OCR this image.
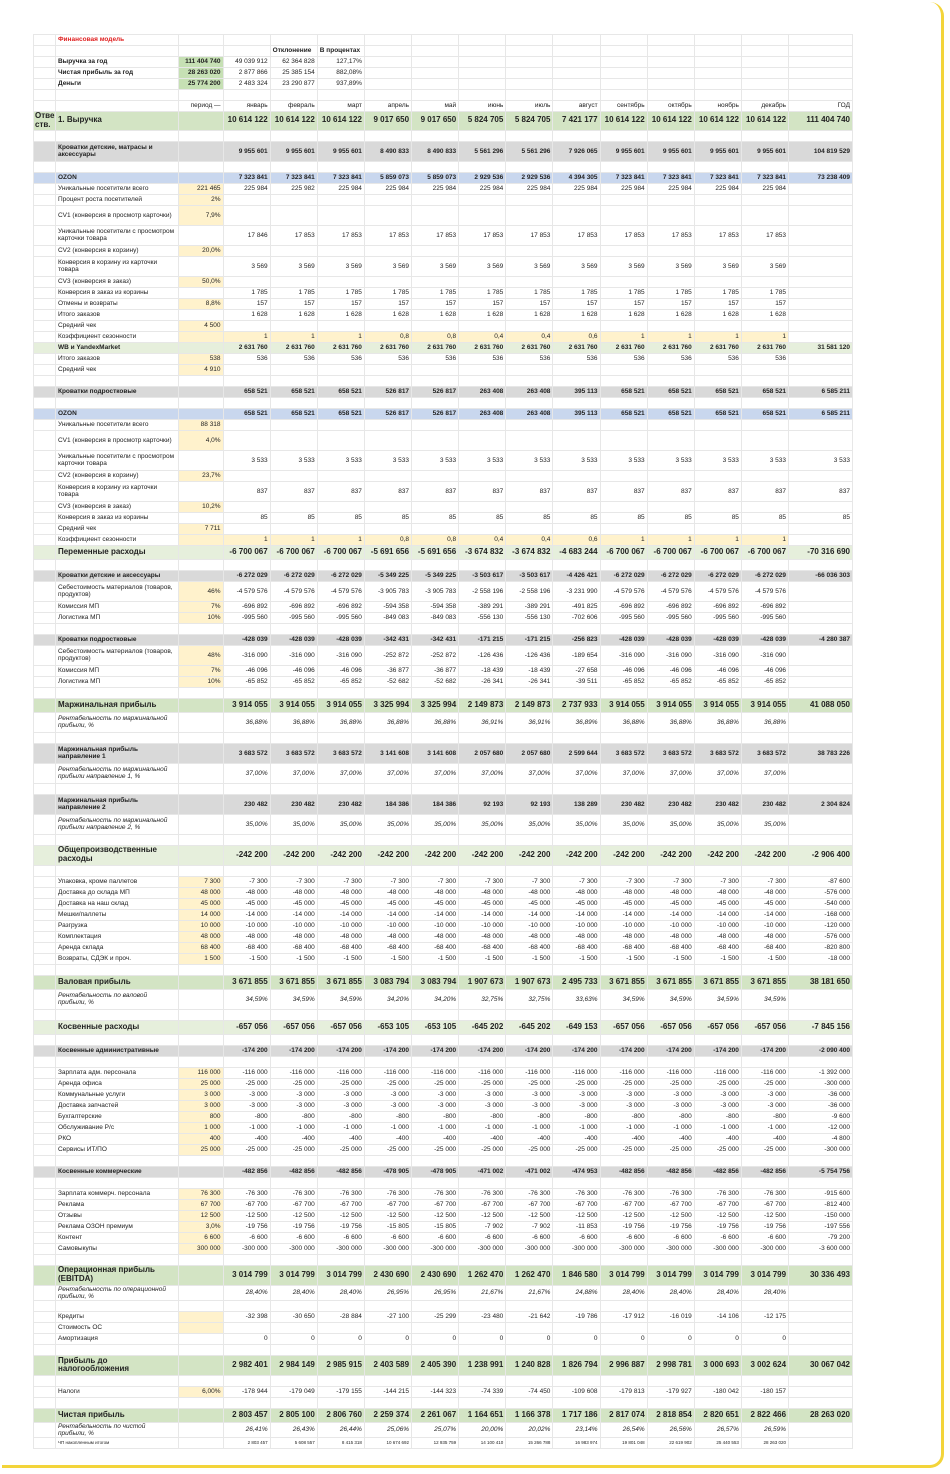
	Финансовая модель														
				Отклонение	В процентах										
	Выручка за год	111 404 740	49 039 912	62 364 828	127,17%										
	Чистая прибыль за год	28 263 020	2 877 866	25 385 154	882,08%										
	Деньги	25 774 200	2 483 324	23 290 877	937,89%										

		период —	январь	февраль	март	апрель	май	июнь	июль	август	сентябрь	октябрь	ноябрь	декабрь	ГОД
Отве ств.	1. Выручка		10 614 122	10 614 122	10 614 122	9 017 650	9 017 650	5 824 705	5 824 705	7 421 177	10 614 122	10 614 122	10 614 122	10 614 122	111 404 740

	Кроватки детские, матрасы и аксессуары		9 955 601	9 955 601	9 955 601	8 490 833	8 490 833	5 561 296	5 561 296	7 926 065	9 955 601	9 955 601	9 955 601	9 955 601	104 819 529

	OZON		7 323 841	7 323 841	7 323 841	5 859 073	5 859 073	2 929 536	2 929 536	4 394 305	7 323 841	7 323 841	7 323 841	7 323 841	73 238 409
	Уникальные посетители всего	221 465	225 984	225 982	225 984	225 984	225 984	225 984	225 984	225 984	225 984	225 984	225 984	225 984	
	Процент роста посетителей	2%													
	CV1 (конверсия в просмотр карточки)	7,9%													
	Уникальные посетители с просмотром карточки товара		17 846	17 853	17 853	17 853	17 853	17 853	17 853	17 853	17 853	17 853	17 853	17 853	
	CV2 (конверсия в корзину)	20,0%													
	Конверсия в корзину из карточки товара		3 569	3 569	3 569	3 569	3 569	3 569	3 569	3 569	3 569	3 569	3 569	3 569	
	CV3 (конверсия в заказ)	50,0%													
	Конверсия в заказ из корзины		1 785	1 785	1 785	1 785	1 785	1 785	1 785	1 785	1 785	1 785	1 785	1 785	
	Отмены и возвраты	8,8%	157	157	157	157	157	157	157	157	157	157	157	157	
	Итого заказов		1 628	1 628	1 628	1 628	1 628	1 628	1 628	1 628	1 628	1 628	1 628	1 628	
	Средний чек	4 500													
	Коэффициент сезонности		1	1	1	0,8	0,8	0,4	0,4	0,6	1	1	1	1	
	WB и YandexMarket		2 631 760	2 631 760	2 631 760	2 631 760	2 631 760	2 631 760	2 631 760	2 631 760	2 631 760	2 631 760	2 631 760	2 631 760	31 581 120
	Итого заказов	538	536	536	536	536	536	536	536	536	536	536	536	536	
	Средний чек	4 910													

	Кроватки подростковые		658 521	658 521	658 521	526 817	526 817	263 408	263 408	395 113	658 521	658 521	658 521	658 521	6 585 211

	OZON		658 521	658 521	658 521	526 817	526 817	263 408	263 408	395 113	658 521	658 521	658 521	658 521	6 585 211
	Уникальные посетители всего	88 318													
	CV1 (конверсия в просмотр карточки)	4,0%													
	Уникальные посетители с просмотром карточки товара		3 533	3 533	3 533	3 533	3 533	3 533	3 533	3 533	3 533	3 533	3 533	3 533	3 533
	CV2 (конверсия в корзину)	23,7%													
	Конверсия в корзину из карточки товара		837	837	837	837	837	837	837	837	837	837	837	837	837
	CV3 (конверсия в заказ)	10,2%													
	Конверсия в заказ из корзины		85	85	85	85	85	85	85	85	85	85	85	85	85
	Средний чек	7 711													
	Коэффициент сезонности		1	1	1	0,8	0,8	0,4	0,4	0,6	1	1	1	1	
	Переменные расходы		-6 700 067	-6 700 067	-6 700 067	-5 691 656	-5 691 656	-3 674 832	-3 674 832	-4 683 244	-6 700 067	-6 700 067	-6 700 067	-6 700 067	-70 316 690

	Кроватки детские и аксессуары		-6 272 029	-6 272 029	-6 272 029	-5 349 225	-5 349 225	-3 503 617	-3 503 617	-4 426 421	-6 272 029	-6 272 029	-6 272 029	-6 272 029	-66 036 303
	Себестоимость материалов (товаров, продуктов)	46%	-4 579 576	-4 579 576	-4 579 576	-3 905 783	-3 905 783	-2 558 196	-2 558 196	-3 231 990	-4 579 576	-4 579 576	-4 579 576	-4 579 576	
	Комиссия МП	7%	-696 892	-696 892	-696 892	-594 358	-594 358	-389 291	-389 291	-491 825	-696 892	-696 892	-696 892	-696 892	
	Логистика МП	10%	-995 560	-995 560	-995 560	-849 083	-849 083	-556 130	-556 130	-702 606	-995 560	-995 560	-995 560	-995 560	

	Кроватки подростковые		-428 039	-428 039	-428 039	-342 431	-342 431	-171 215	-171 215	-256 823	-428 039	-428 039	-428 039	-428 039	-4 280 387
	Себестоимость материалов (товаров, продуктов)	48%	-316 090	-316 090	-316 090	-252 872	-252 872	-126 436	-126 436	-189 654	-316 090	-316 090	-316 090	-316 090	
	Комиссия МП	7%	-46 096	-46 096	-46 096	-36 877	-36 877	-18 439	-18 439	-27 658	-46 096	-46 096	-46 096	-46 096	
	Логистика МП	10%	-65 852	-65 852	-65 852	-52 682	-52 682	-26 341	-26 341	-39 511	-65 852	-65 852	-65 852	-65 852	

	Маржинальная прибыль		3 914 055	3 914 055	3 914 055	3 325 994	3 325 994	2 149 873	2 149 873	2 737 933	3 914 055	3 914 055	3 914 055	3 914 055	41 088 050
	Рентабельность по маржинальной прибыли, %		36,88%	36,88%	36,88%	36,88%	36,88%	36,91%	36,91%	36,89%	36,88%	36,88%	36,88%	36,88%	

	Маржинальная прибыль направление 1		3 683 572	3 683 572	3 683 572	3 141 608	3 141 608	2 057 680	2 057 680	2 599 644	3 683 572	3 683 572	3 683 572	3 683 572	38 783 226
	Рентабельность по маржинальной прибыли направление 1, %		37,00%	37,00%	37,00%	37,00%	37,00%	37,00%	37,00%	37,00%	37,00%	37,00%	37,00%	37,00%	

	Маржинальная прибыль направление 2		230 482	230 482	230 482	184 386	184 386	92 193	92 193	138 289	230 482	230 482	230 482	230 482	2 304 824
	Рентабельность по маржинальной прибыли направление 2, %		35,00%	35,00%	35,00%	35,00%	35,00%	35,00%	35,00%	35,00%	35,00%	35,00%	35,00%	35,00%	

	Общепроизводственные расходы		-242 200	-242 200	-242 200	-242 200	-242 200	-242 200	-242 200	-242 200	-242 200	-242 200	-242 200	-242 200	-2 906 400

	Упаковка, кроме паллетов	7 300	-7 300	-7 300	-7 300	-7 300	-7 300	-7 300	-7 300	-7 300	-7 300	-7 300	-7 300	-7 300	-87 600
	Доставка до склада МП	48 000	-48 000	-48 000	-48 000	-48 000	-48 000	-48 000	-48 000	-48 000	-48 000	-48 000	-48 000	-48 000	-576 000
	Доставка на наш склад	45 000	-45 000	-45 000	-45 000	-45 000	-45 000	-45 000	-45 000	-45 000	-45 000	-45 000	-45 000	-45 000	-540 000
	Мешки/паллеты	14 000	-14 000	-14 000	-14 000	-14 000	-14 000	-14 000	-14 000	-14 000	-14 000	-14 000	-14 000	-14 000	-168 000
	Разгрузка	10 000	-10 000	-10 000	-10 000	-10 000	-10 000	-10 000	-10 000	-10 000	-10 000	-10 000	-10 000	-10 000	-120 000
	Комплектация	48 000	-48 000	-48 000	-48 000	-48 000	-48 000	-48 000	-48 000	-48 000	-48 000	-48 000	-48 000	-48 000	-576 000
	Аренда склада	68 400	-68 400	-68 400	-68 400	-68 400	-68 400	-68 400	-68 400	-68 400	-68 400	-68 400	-68 400	-68 400	-820 800
	Возвраты, СДЭК и проч.	1 500	-1 500	-1 500	-1 500	-1 500	-1 500	-1 500	-1 500	-1 500	-1 500	-1 500	-1 500	-1 500	-18 000

	Валовая прибыль		3 671 855	3 671 855	3 671 855	3 083 794	3 083 794	1 907 673	1 907 673	2 495 733	3 671 855	3 671 855	3 671 855	3 671 855	38 181 650
	Рентабельность по валовой прибыли, %		34,59%	34,59%	34,59%	34,20%	34,20%	32,75%	32,75%	33,63%	34,59%	34,59%	34,59%	34,59%	

	Косвенные расходы		-657 056	-657 056	-657 056	-653 105	-653 105	-645 202	-645 202	-649 153	-657 056	-657 056	-657 056	-657 056	-7 845 156

	Косвенные административные		-174 200	-174 200	-174 200	-174 200	-174 200	-174 200	-174 200	-174 200	-174 200	-174 200	-174 200	-174 200	-2 090 400

	Зарплата адм. персонала	116 000	-116 000	-116 000	-116 000	-116 000	-116 000	-116 000	-116 000	-116 000	-116 000	-116 000	-116 000	-116 000	-1 392 000
	Аренда офиса	25 000	-25 000	-25 000	-25 000	-25 000	-25 000	-25 000	-25 000	-25 000	-25 000	-25 000	-25 000	-25 000	-300 000
	Коммунальные услуги	3 000	-3 000	-3 000	-3 000	-3 000	-3 000	-3 000	-3 000	-3 000	-3 000	-3 000	-3 000	-3 000	-36 000
	Доставка запчастей	3 000	-3 000	-3 000	-3 000	-3 000	-3 000	-3 000	-3 000	-3 000	-3 000	-3 000	-3 000	-3 000	-36 000
	Бухгалтерские	800	-800	-800	-800	-800	-800	-800	-800	-800	-800	-800	-800	-800	-9 600
	Обслуживание Р/с	1 000	-1 000	-1 000	-1 000	-1 000	-1 000	-1 000	-1 000	-1 000	-1 000	-1 000	-1 000	-1 000	-12 000
	РКО	400	-400	-400	-400	-400	-400	-400	-400	-400	-400	-400	-400	-400	-4 800
	Сервисы ИТ/ПО	25 000	-25 000	-25 000	-25 000	-25 000	-25 000	-25 000	-25 000	-25 000	-25 000	-25 000	-25 000	-25 000	-300 000

	Косвенные коммерческие		-482 856	-482 856	-482 856	-478 905	-478 905	-471 002	-471 002	-474 953	-482 856	-482 856	-482 856	-482 856	-5 754 756

	Зарплата коммерч. персонала	76 300	-76 300	-76 300	-76 300	-76 300	-76 300	-76 300	-76 300	-76 300	-76 300	-76 300	-76 300	-76 300	-915 600
	Реклама	67 700	-67 700	-67 700	-67 700	-67 700	-67 700	-67 700	-67 700	-67 700	-67 700	-67 700	-67 700	-67 700	-812 400
	Отзывы	12 500	-12 500	-12 500	-12 500	-12 500	-12 500	-12 500	-12 500	-12 500	-12 500	-12 500	-12 500	-12 500	-150 000
	Реклама ОЗОН премиум	3,0%	-19 756	-19 756	-19 756	-15 805	-15 805	-7 902	-7 902	-11 853	-19 756	-19 756	-19 756	-19 756	-197 556
	Контент	6 600	-6 600	-6 600	-6 600	-6 600	-6 600	-6 600	-6 600	-6 600	-6 600	-6 600	-6 600	-6 600	-79 200
	Самовыкупы	300 000	-300 000	-300 000	-300 000	-300 000	-300 000	-300 000	-300 000	-300 000	-300 000	-300 000	-300 000	-300 000	-3 600 000

	Операционная прибыль (EBITDA)		3 014 799	3 014 799	3 014 799	2 430 690	2 430 690	1 262 470	1 262 470	1 846 580	3 014 799	3 014 799	3 014 799	3 014 799	30 336 493
	Рентабельность по операционной прибыли, %		28,40%	28,40%	28,40%	26,95%	26,95%	21,67%	21,67%	24,88%	28,40%	28,40%	28,40%	28,40%	

	Кредиты		-32 398	-30 650	-28 884	-27 100	-25 299	-23 480	-21 642	-19 786	-17 912	-16 019	-14 106	-12 175	
	Стоимость ОС														
	Амортизация		0	0	0	0	0	0	0	0	0	0	0	0	

	Прибыль до налогообложения		2 982 401	2 984 149	2 985 915	2 403 589	2 405 390	1 238 991	1 240 828	1 826 794	2 996 887	2 998 781	3 000 693	3 002 624	30 067 042

	Налоги	6,00%	-178 944	-179 049	-179 155	-144 215	-144 323	-74 339	-74 450	-109 608	-179 813	-179 927	-180 042	-180 157	

	Чистая прибыль		2 803 457	2 805 100	2 806 760	2 259 374	2 261 067	1 164 651	1 166 378	1 717 186	2 817 074	2 818 854	2 820 651	2 822 466	28 263 020
	Рентабельность по чистой прибыли, %		26,41%	26,43%	26,44%	25,06%	25,07%	20,00%	20,02%	23,14%	26,54%	26,56%	26,57%	26,59%	
	ЧП накопленным итогом		2 803 457	5 608 557	8 415 318	10 674 692	12 935 759	14 100 410	15 266 788	16 983 974	19 801 048	22 619 902	25 440 553	28 263 020	
